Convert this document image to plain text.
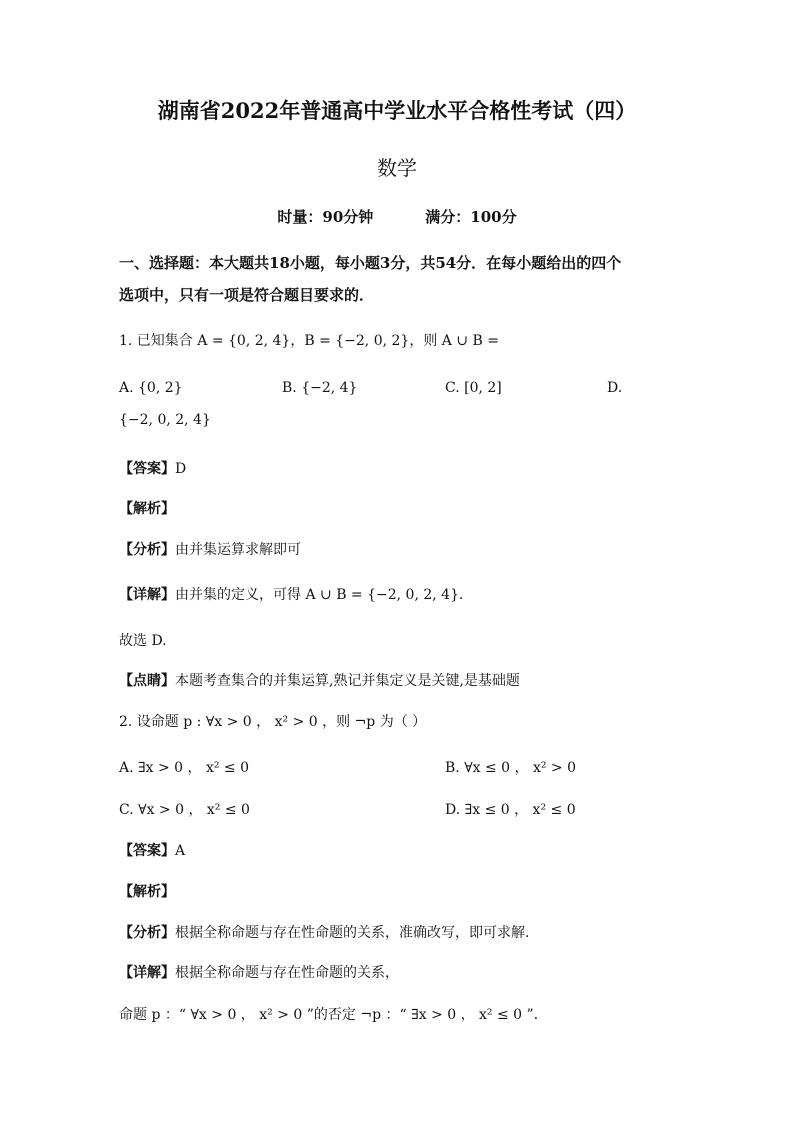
湖南省2022年普通高中学业水平合格性考试（四）
数学
时量：90分钟	满分：100分
一、选择题：本大题共18小题，每小题3分，共54分．在每小题给出的四个
选项中，只有一项是符合题目要求的．
1. 已知集合 A = {0, 2, 4}，B = {−2, 0, 2}，则 A ∪ B =
A. {0, 2}	B. {−2, 4}	C. [0, 2]	D.
{−2, 0, 2, 4}
【答案】D
【解析】
【分析】由并集运算求解即可
【详解】由并集的定义，可得 A ∪ B = {−2, 0, 2, 4}．
故选 D.
【点睛】本题考查集合的并集运算,熟记并集定义是关键,是基础题
2. 设命题 p : ∀x > 0 ， x² > 0 ，则 ¬p 为（ ）
A. ∃x > 0 ， x² ≤ 0	B. ∀x ≤ 0 ， x² > 0
C. ∀x > 0 ， x² ≤ 0	D. ∃x ≤ 0 ， x² ≤ 0
【答案】A
【解析】
【分析】根据全称命题与存在性命题的关系，准确改写，即可求解.
【详解】根据全称命题与存在性命题的关系，
命题 p ：“ ∀x > 0 ， x² > 0 ”的否定 ¬p ：“ ∃x > 0 ， x² ≤ 0 ”．
